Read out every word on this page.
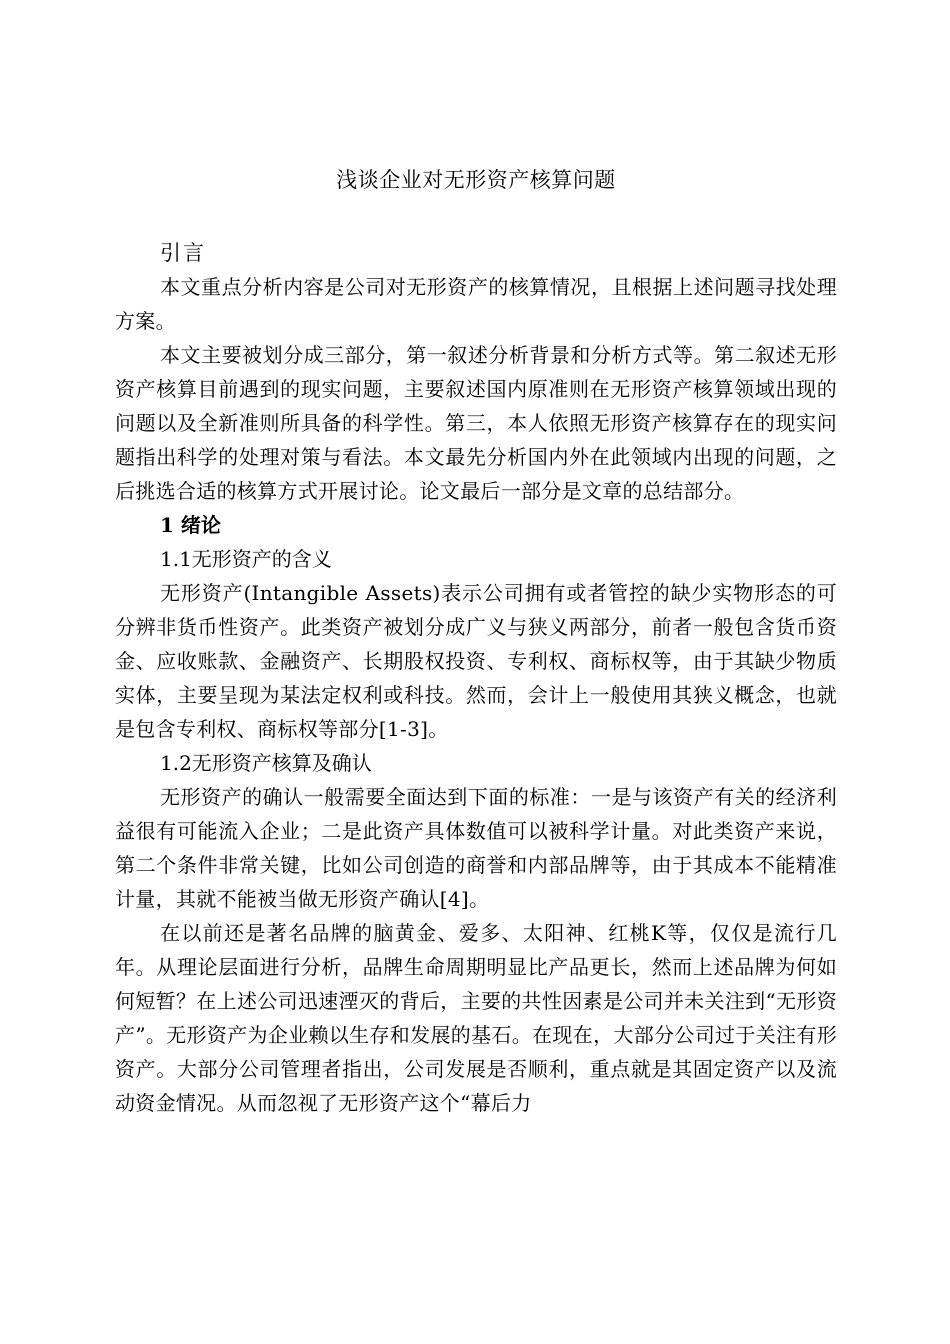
浅谈企业对无形资产核算问题
引言

本文重点分析内容是公司对无形资产的核算情况，且根据上述问题寻找处理方案。

本文主要被划分成三部分，第一叙述分析背景和分析方式等。第二叙述无形资产核算目前遇到的现实问题，主要叙述国内原准则在无形资产核算领域出现的问题以及全新准则所具备的科学性。第三，本人依照无形资产核算存在的现实问题指出科学的处理对策与看法。本文最先分析国内外在此领域内出现的问题，之后挑选合适的核算方式开展讨论。论文最后一部分是文章的总结部分。

1 绪论
1.1无形资产的含义

无形资产(Intangible Assets)表示公司拥有或者管控的缺少实物形态的可分辨非货币性资产。此类资产被划分成广义与狭义两部分，前者一般包含货币资金、应收账款、金融资产、长期股权投资、专利权、商标权等，由于其缺少物质实体，主要呈现为某法定权利或科技。然而，会计上一般使用其狭义概念，也就是包含专利权、商标权等部分[1-3]。

1.2无形资产核算及确认

无形资产的确认一般需要全面达到下面的标准：一是与该资产有关的经济利益很有可能流入企业；二是此资产具体数值可以被科学计量。对此类资产来说，第二个条件非常关键，比如公司创造的商誉和内部品牌等，由于其成本不能精准计量，其就不能被当做无形资产确认[4]。

在以前还是著名品牌的脑黄金、爱多、太阳神、红桃K等，仅仅是流行几年。从理论层面进行分析，品牌生命周期明显比产品更长，然而上述品牌为何如何短暂？在上述公司迅速湮灭的背后，主要的共性因素是公司并未关注到“无形资产”。无形资产为企业赖以生存和发展的基石。在现在，大部分公司过于关注有形资产。大部分公司管理者指出，公司发展是否顺利，重点就是其固定资产以及流动资金情况。从而忽视了无形资产这个“幕后力
